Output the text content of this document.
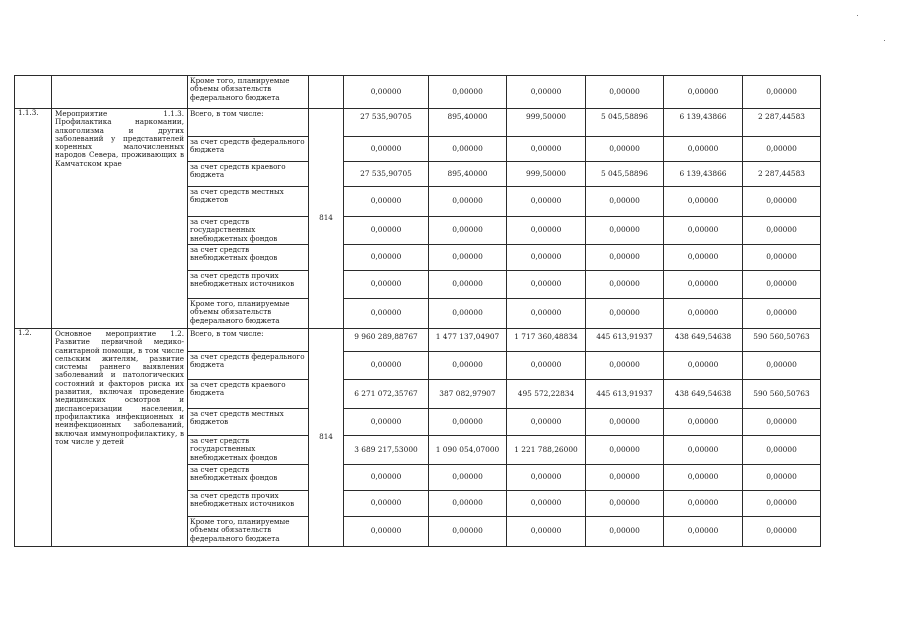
		Кроме того, планируемые объемы обязательств федерального бюджета		0,00000	0,00000	0,00000	0,00000	0,00000	0,00000
1.1.3.	Мероприятие 1.1.3. Профилактика наркомании, алкоголизма и других заболеваний у представителей коренных малочисленных народов Севера, проживающих в Камчатском крае	Всего, в том числе:	814	27 535,90705	895,40000	999,50000	5 045,58896	6 139,43866	2 287,44583
		за счет средств федерального бюджета		0,00000	0,00000	0,00000	0,00000	0,00000	0,00000
		за счет средств краевого бюджета		27 535,90705	895,40000	999,50000	5 045,58896	6 139,43866	2 287,44583
		за счет средств местных бюджетов		0,00000	0,00000	0,00000	0,00000	0,00000	0,00000
		за счет средств государственных внебюджетных фондов		0,00000	0,00000	0,00000	0,00000	0,00000	0,00000
		за счет средств внебюджетных фондов		0,00000	0,00000	0,00000	0,00000	0,00000	0,00000
		за счет средств прочих внебюджетных источников		0,00000	0,00000	0,00000	0,00000	0,00000	0,00000
		Кроме того, планируемые объемы обязательств федерального бюджета		0,00000	0,00000	0,00000	0,00000	0,00000	0,00000
1.2.	Основное мероприятие 1.2. Развитие первичной медико-санитарной помощи, в том числе сельским жителям, развитие системы раннего выявления заболеваний и патологических состояний и факторов риска их развития, включая проведение медицинских осмотров и диспансеризации населения, профилактика инфекционных и неинфекционных заболеваний, включая иммунопрофилактику, в том числе у детей	Всего, в том числе:	814	9 960 289,88767	1 477 137,04907	1 717 360,48834	445 613,91937	438 649,54638	590 560,50763
		за счет средств федерального бюджета		0,00000	0,00000	0,00000	0,00000	0,00000	0,00000
		за счет средств краевого бюджета		6 271 072,35767	387 082,97907	495 572,22834	445 613,91937	438 649,54638	590 560,50763
		за счет средств местных бюджетов		0,00000	0,00000	0,00000	0,00000	0,00000	0,00000
		за счет средств государственных внебюджетных фондов		3 689 217,53000	1 090 054,07000	1 221 788,26000	0,00000	0,00000	0,00000
		за счет средств внебюджетных фондов		0,00000	0,00000	0,00000	0,00000	0,00000	0,00000
		за счет средств прочих внебюджетных источников		0,00000	0,00000	0,00000	0,00000	0,00000	0,00000
		Кроме того, планируемые объемы обязательств федерального бюджета		0,00000	0,00000	0,00000	0,00000	0,00000	0,00000
